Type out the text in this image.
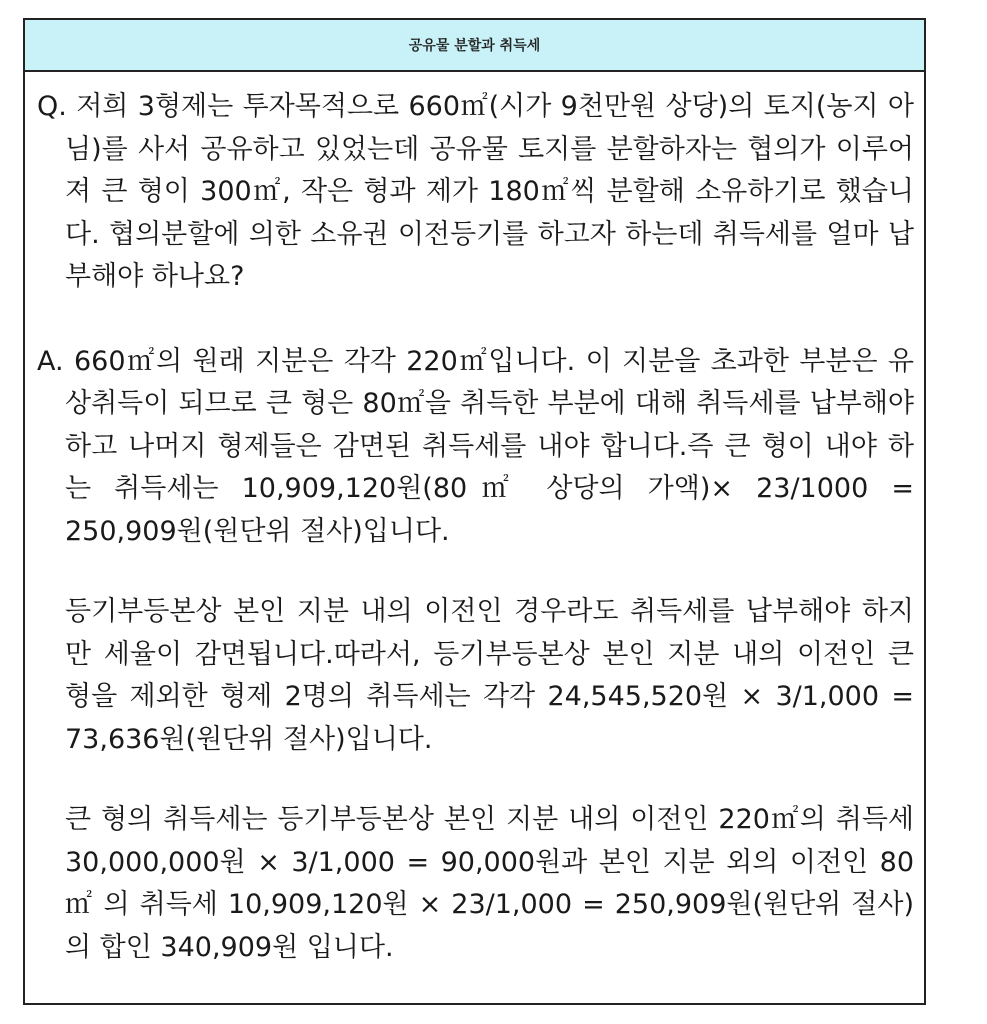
공유물 분할과 취득세

Q. 저희 3형제는 투자목적으로 660㎡(시가 9천만원 상당)의 토지(농지 아님)를 사서 공유하고 있었는데 공유물 토지를 분할하자는 협의가 이루어져 큰 형이 300㎡, 작은 형과 제가 180㎡씩 분할해 소유하기로 했습니다. 협의분할에 의한 소유권 이전등기를 하고자 하는데 취득세를 얼마 납부해야 하나요?

A. 660㎡의 원래 지분은 각각 220㎡입니다. 이 지분을 초과한 부분은 유상취득이 되므로 큰 형은 80㎡을 취득한 부분에 대해 취득세를 납부해야 하고 나머지 형제들은 감면된 취득세를 내야 합니다.즉 큰 형이 내야 하는 취득세는 10,909,120원(80㎡ 상당의 가액)× 23/1000 = 250,909원(원단위 절사)입니다.

등기부등본상 본인 지분 내의 이전인 경우라도 취득세를 납부해야 하지만 세율이 감면됩니다.따라서, 등기부등본상 본인 지분 내의 이전인 큰 형을 제외한 형제 2명의 취득세는 각각 24,545,520원 × 3/1,000 = 73,636원(원단위 절사)입니다.

큰 형의 취득세는 등기부등본상 본인 지분 내의 이전인 220㎡의 취득세 30,000,000원 × 3/1,000 = 90,000원과 본인 지분 외의 이전인 80 ㎡ 의 취득세 10,909,120원 × 23/1,000 = 250,909원(원단위 절사)의 합인 340,909원 입니다.
